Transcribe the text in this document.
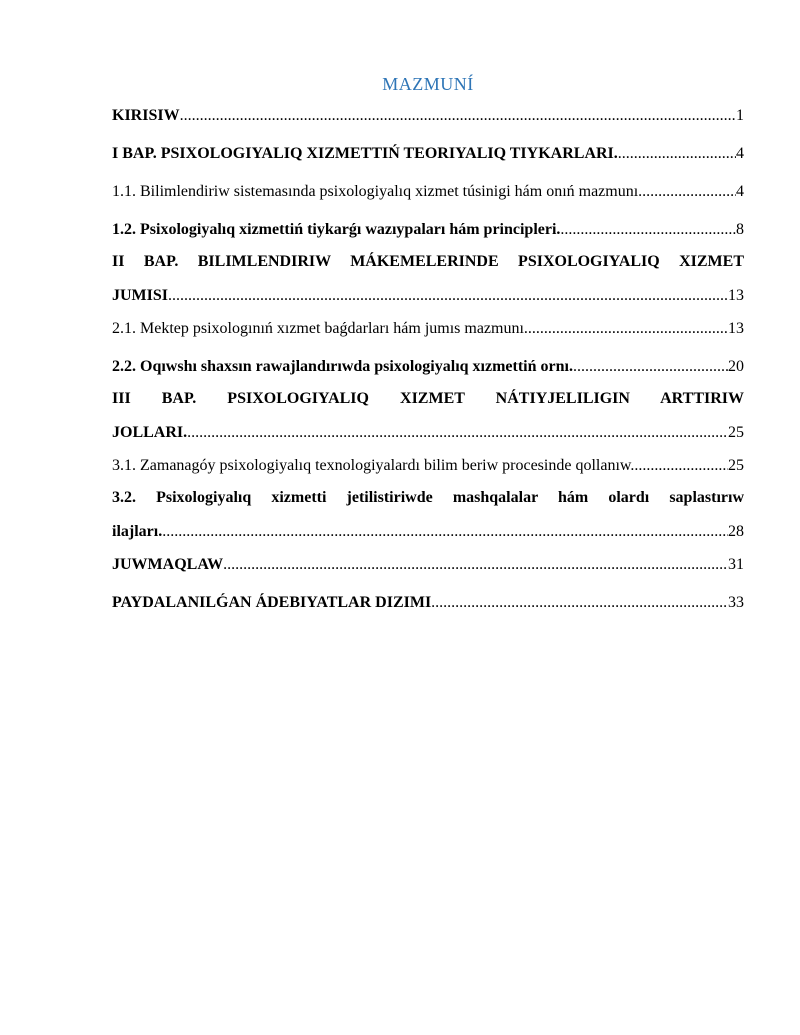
MAZMUNÍ
KIRISIW .....	1
I BAP. PSIXOLOGIYALIQ XIZMETTIŃ TEORIYALIQ TIYKARLARI. .....	4
1.1. Bilimlendiriw sistemasında psixologiyalıq xizmet túsinigi hám onıń mazmunı. .....	4
1.2. Psixologiyalıq xizmettiń tiykarǵı wazıypaları hám principleri. .....	8
II BAP. BILIMLENDIRIW MÁKEMELERINDE PSIXOLOGIYALIQ XIZMET
JUMISI .....	13
2.1. Mektep psixologınıń xızmet baǵdarları hám jumıs mazmunı .....	13
2.2. Oqıwshı shaxsın rawajlandırıwda psixologiyalıq xızmettiń ornı. .....	20
III BAP. PSIXOLOGIYALIQ XIZMET NÁTIYJELILIGIN ARTTIRIW
JOLLARI. .....	25
3.1. Zamanagóy psixologiyalıq texnologiyalardı bilim beriw procesinde qollanıw. .....	25
3.2. Psixologiyalıq xizmetti jetilistiriwde mashqalalar hám olardı saplastırıw
ilajları. .....	28
JUWMAQLAW .....	31
PAYDALANILǴAN ÁDEBIYATLAR DIZIMI .....	33
